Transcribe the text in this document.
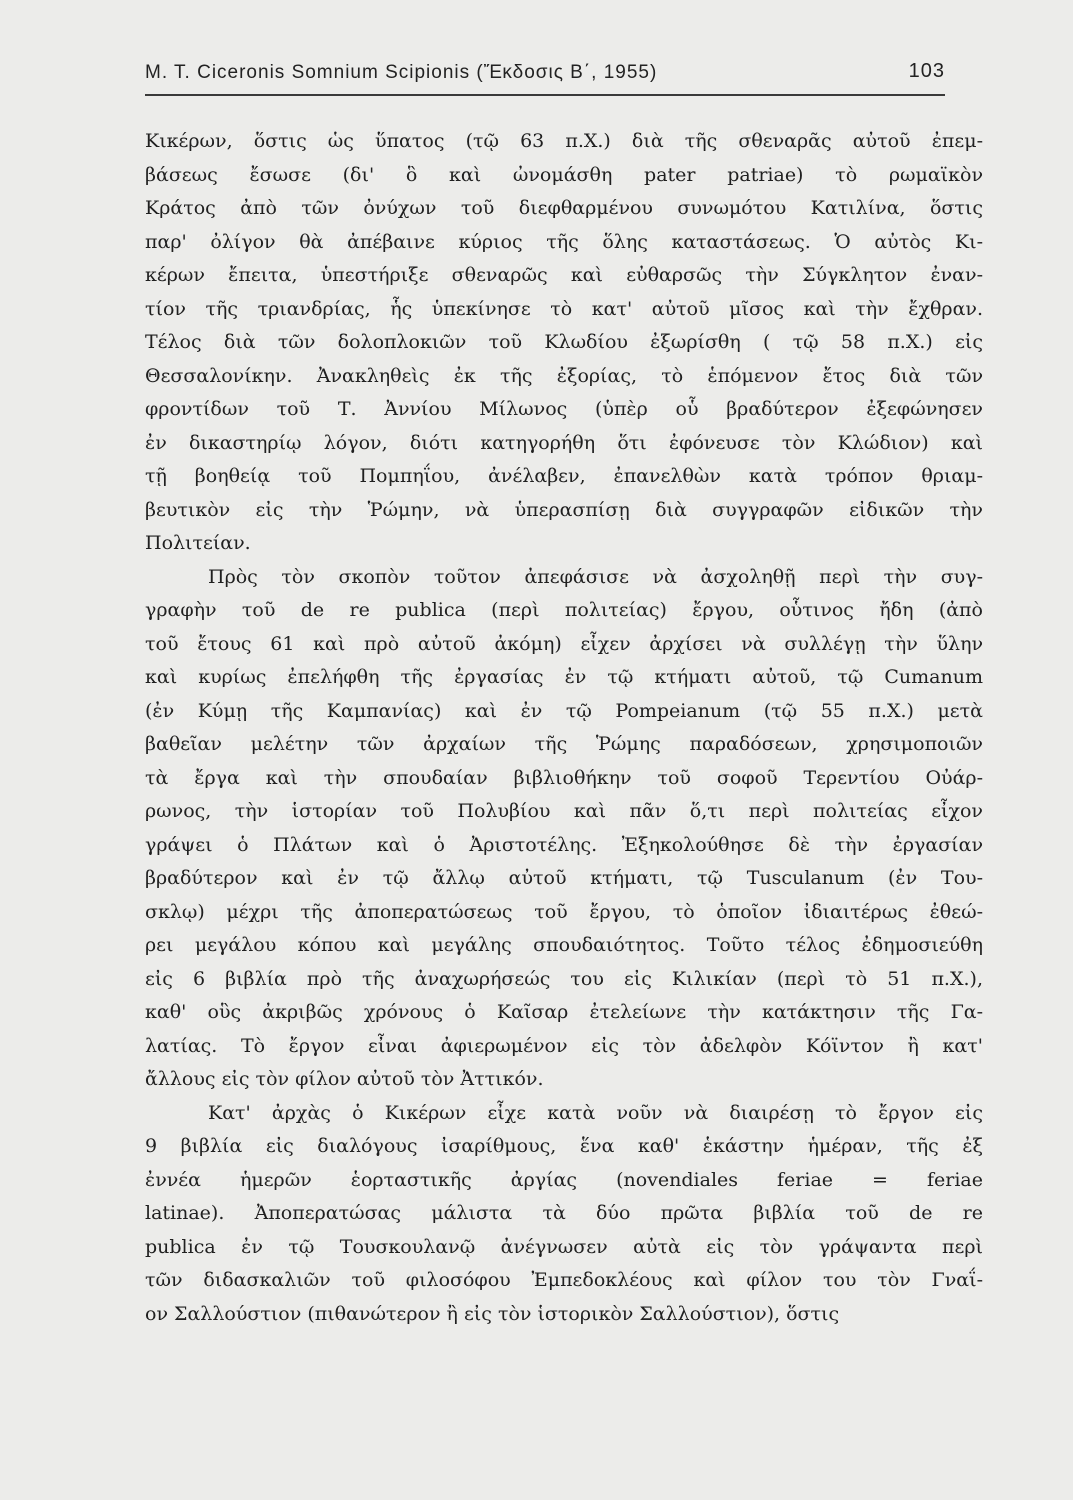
M. T. Ciceronis Somnium Scipionis (Ἔκδοσις Β΄, 1955)	103
Κικέρων, ὅστις ὡς ὕπατος (τῷ 63 π.Χ.) διὰ τῆς σθεναρᾶς αὐτοῦ ἐπεμ-
βάσεως ἔσωσε (δι' ὃ καὶ ὠνομάσθη pater patriae) τὸ ρωμαϊκὸν
Κράτος ἀπὸ τῶν ὀνύχων τοῦ διεφθαρμένου συνωμότου Κατιλίνα, ὅστις
παρ' ὀλίγον θὰ ἀπέβαινε κύριος τῆς ὅλης καταστάσεως. Ὁ αὐτὸς Κι-
κέρων ἔπειτα, ὑπεστήριξε σθεναρῶς καὶ εὐθαρσῶς τὴν Σύγκλητον ἐναν-
τίον τῆς τριανδρίας, ἧς ὑπεκίνησε τὸ κατ' αὐτοῦ μῖσος καὶ τὴν ἔχθραν.
Τέλος διὰ τῶν δολοπλοκιῶν τοῦ Κλωδίου ἐξωρίσθη ( τῷ 58 π.Χ.) εἰς
Θεσσαλονίκην. Ἀνακληθεὶς ἐκ τῆς ἐξορίας, τὸ ἑπόμενον ἔτος διὰ τῶν
φροντίδων τοῦ Τ. Ἀννίου Μίλωνος (ὑπὲρ οὗ βραδύτερον ἐξεφώνησεν
ἐν δικαστηρίῳ λόγον, διότι κατηγορήθη ὅτι ἐφόνευσε τὸν Κλώδιον) καὶ
τῇ βοηθείᾳ τοῦ Πομπηΐου, ἀνέλαβεν, ἐπανελθὼν κατὰ τρόπον θριαμ-
βευτικὸν εἰς τὴν Ῥώμην, νὰ ὑπερασπίσῃ διὰ συγγραφῶν εἰδικῶν τὴν
Πολιτείαν.
Πρὸς τὸν σκοπὸν τοῦτον ἀπεφάσισε νὰ ἀσχοληθῇ περὶ τὴν συγ-
γραφὴν τοῦ de re publica (περὶ πολιτείας) ἔργου, οὗτινος ἤδη (ἀπὸ
τοῦ ἔτους 61 καὶ πρὸ αὐτοῦ ἀκόμη) εἶχεν ἀρχίσει νὰ συλλέγῃ τὴν ὕλην
καὶ κυρίως ἐπελήφθη τῆς ἐργασίας ἐν τῷ κτήματι αὐτοῦ, τῷ Cumanum
(ἐν Κύμῃ τῆς Καμπανίας) καὶ ἐν τῷ Pompeianum (τῷ 55 π.Χ.) μετὰ
βαθεῖαν μελέτην τῶν ἀρχαίων τῆς Ῥώμης παραδόσεων, χρησιμοποιῶν
τὰ ἔργα καὶ τὴν σπουδαίαν βιβλιοθήκην τοῦ σοφοῦ Τερεντίου Οὐάρ-
ρωνος, τὴν ἱστορίαν τοῦ Πολυβίου καὶ πᾶν ὅ,τι περὶ πολιτείας εἶχον
γράψει ὁ Πλάτων καὶ ὁ Ἀριστοτέλης. Ἐξηκολούθησε δὲ τὴν ἐργασίαν
βραδύτερον καὶ ἐν τῷ ἄλλῳ αὐτοῦ κτήματι, τῷ Tusculanum (ἐν Του-
σκλῳ) μέχρι τῆς ἀποπερατώσεως τοῦ ἔργου, τὸ ὁποῖον ἰδιαιτέρως ἐθεώ-
ρει μεγάλου κόπου καὶ μεγάλης σπουδαιότητος. Τοῦτο τέλος ἐδημοσιεύθη
εἰς 6 βιβλία πρὸ τῆς ἀναχωρήσεώς του εἰς Κιλικίαν (περὶ τὸ 51 π.Χ.),
καθ' οὓς ἀκριβῶς χρόνους ὁ Καῖσαρ ἐτελείωνε τὴν κατάκτησιν τῆς Γα-
λατίας. Τὸ ἔργον εἶναι ἀφιερωμένον εἰς τὸν ἀδελφὸν Κόϊντον ἢ κατ'
ἄλλους εἰς τὸν φίλον αὐτοῦ τὸν Ἀττικόν.
Κατ' ἀρχὰς ὁ Κικέρων εἶχε κατὰ νοῦν νὰ διαιρέσῃ τὸ ἔργον εἰς
9 βιβλία εἰς διαλόγους ἰσαρίθμους, ἕνα καθ' ἑκάστην ἡμέραν, τῆς ἐξ
ἐννέα ἡμερῶν ἑορταστικῆς ἀργίας (novendiales feriae = feriae
latinae). Ἀποπερατώσας μάλιστα τὰ δύο πρῶτα βιβλία τοῦ de re
publica ἐν τῷ Τουσκουλανῷ ἀνέγνωσεν αὐτὰ εἰς τὸν γράψαντα περὶ
τῶν διδασκαλιῶν τοῦ φιλοσόφου Ἐμπεδοκλέους καὶ φίλον του τὸν Γναΐ-
ον Σαλλούστιον (πιθανώτερον ἢ εἰς τὸν ἱστορικὸν Σαλλούστιον), ὅστις
